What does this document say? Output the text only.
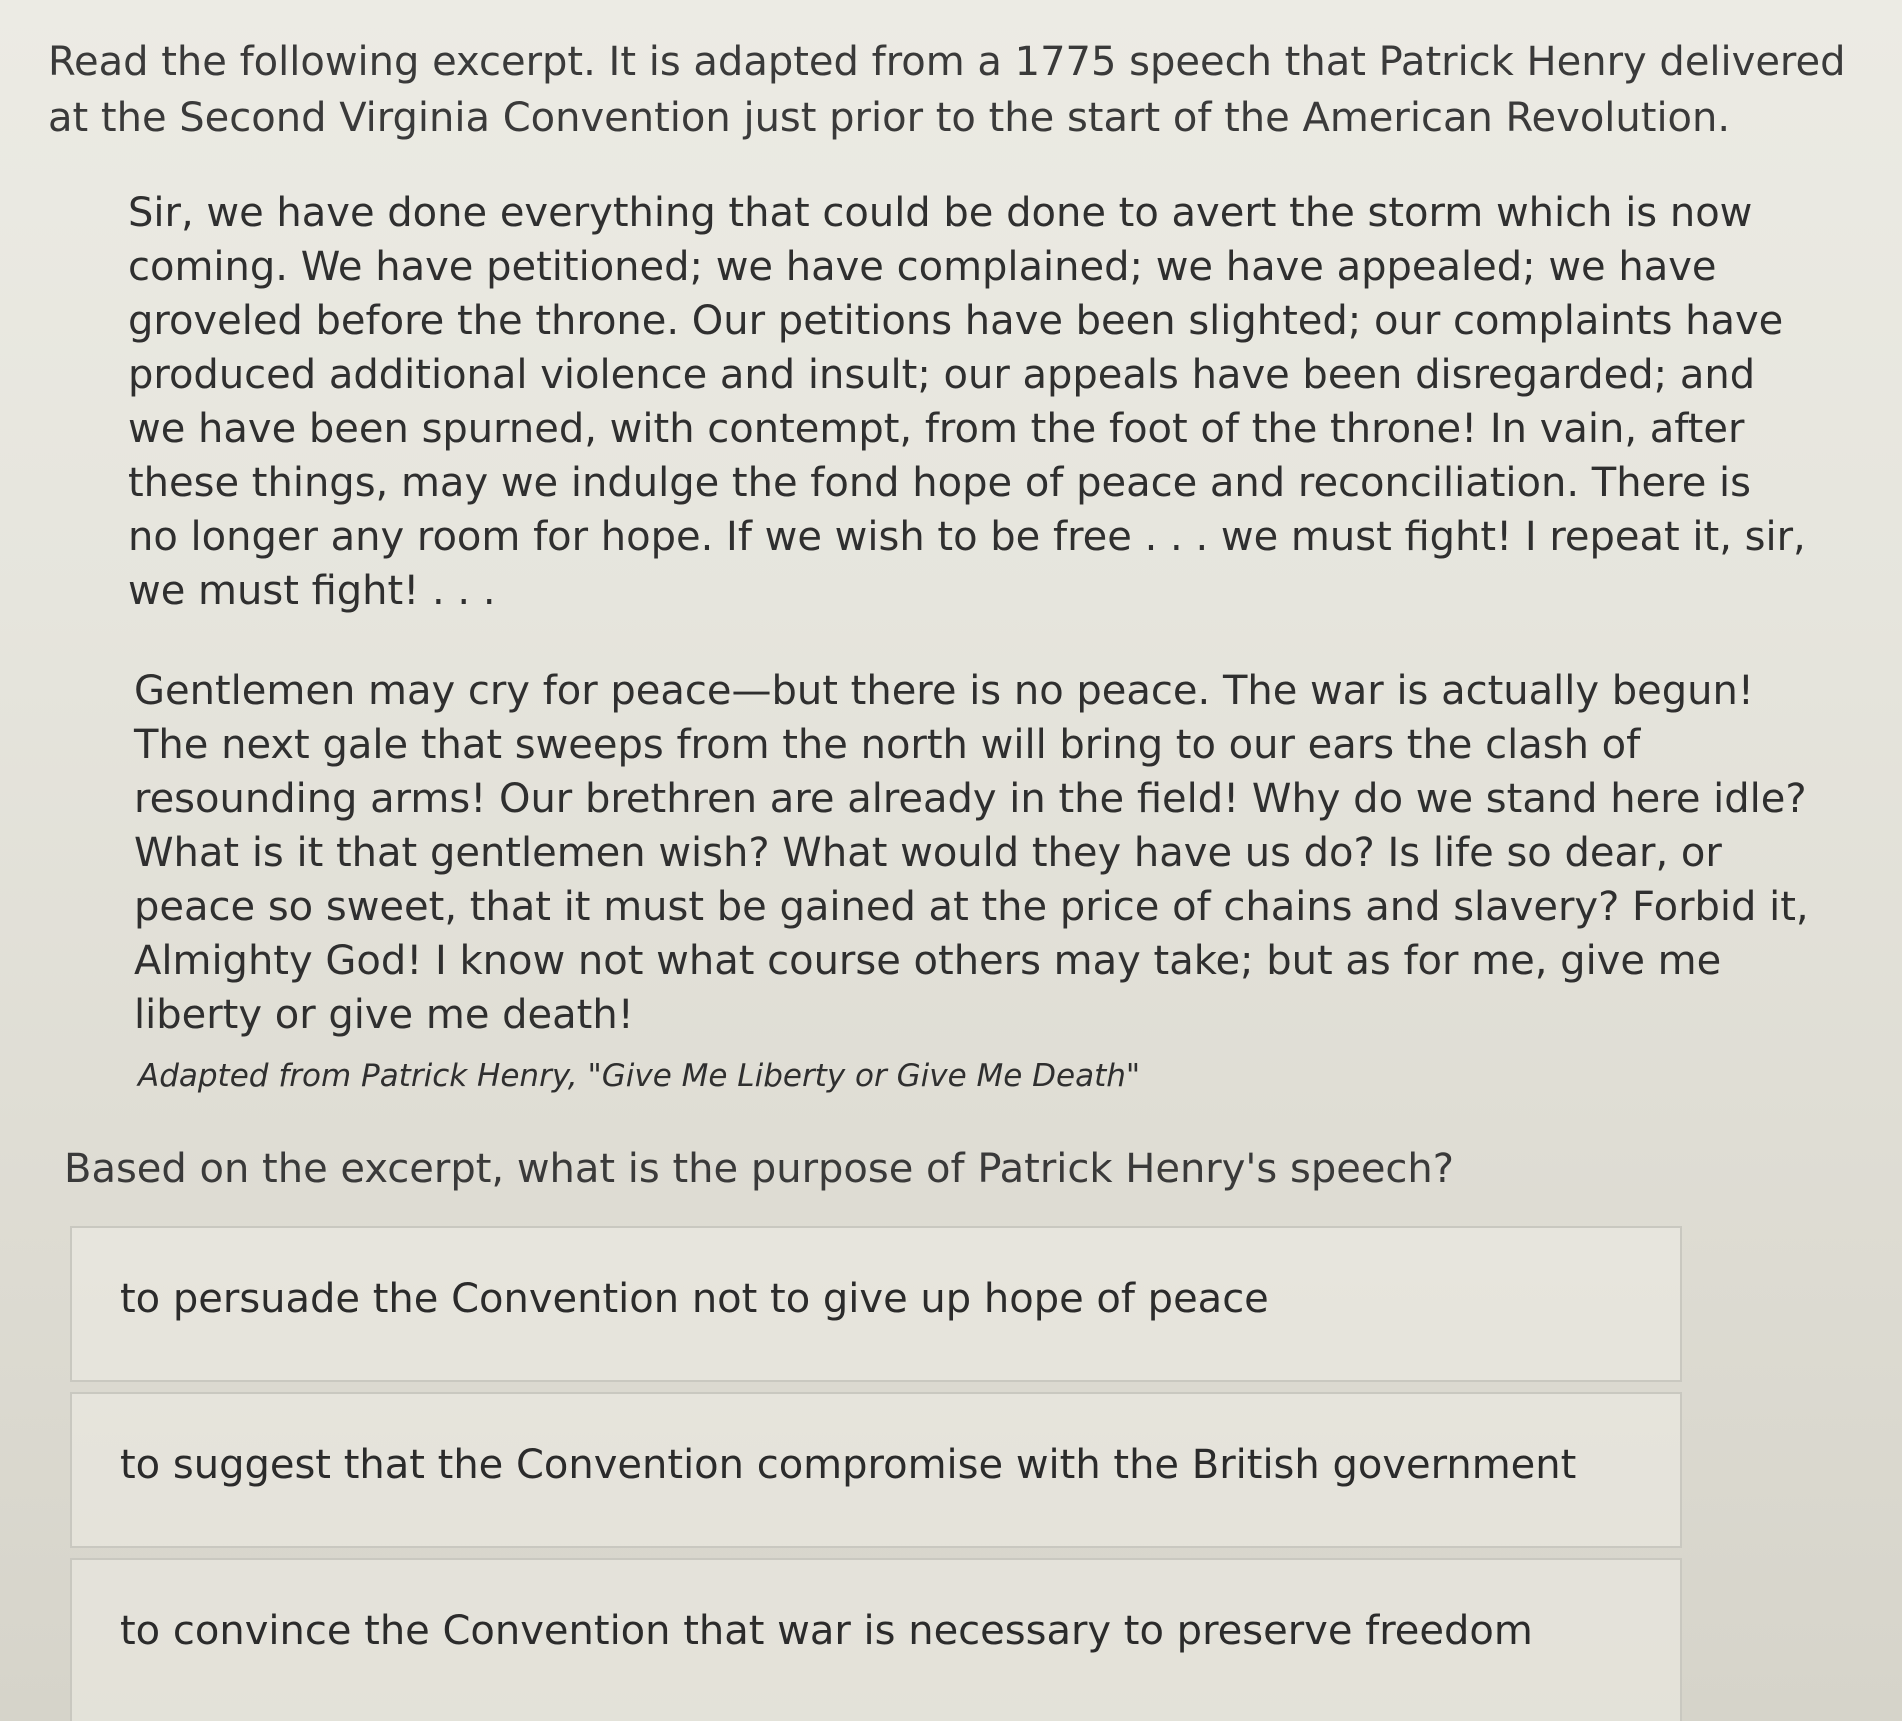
Read the following excerpt. It is adapted from a 1775 speech that Patrick Henry delivered at the Second Virginia Convention just prior to the start of the American Revolution.
Sir, we have done everything that could be done to avert the storm which is now coming. We have petitioned; we have complained; we have appealed; we have groveled before the throne. Our petitions have been slighted; our complaints have produced additional violence and insult; our appeals have been disregarded; and we have been spurned, with contempt, from the foot of the throne! In vain, after these things, may we indulge the fond hope of peace and reconciliation. There is no longer any room for hope. If we wish to be free . . . we must fight! I repeat it, sir, we must fight! . . .
Gentlemen may cry for peace—but there is no peace. The war is actually begun! The next gale that sweeps from the north will bring to our ears the clash of resounding arms! Our brethren are already in the field! Why do we stand here idle? What is it that gentlemen wish? What would they have us do? Is life so dear, or peace so sweet, that it must be gained at the price of chains and slavery? Forbid it, Almighty God! I know not what course others may take; but as for me, give me liberty or give me death!
Adapted from Patrick Henry, "Give Me Liberty or Give Me Death"
Based on the excerpt, what is the purpose of Patrick Henry's speech?
to persuade the Convention not to give up hope of peace
to suggest that the Convention compromise with the British government
to convince the Convention that war is necessary to preserve freedom
